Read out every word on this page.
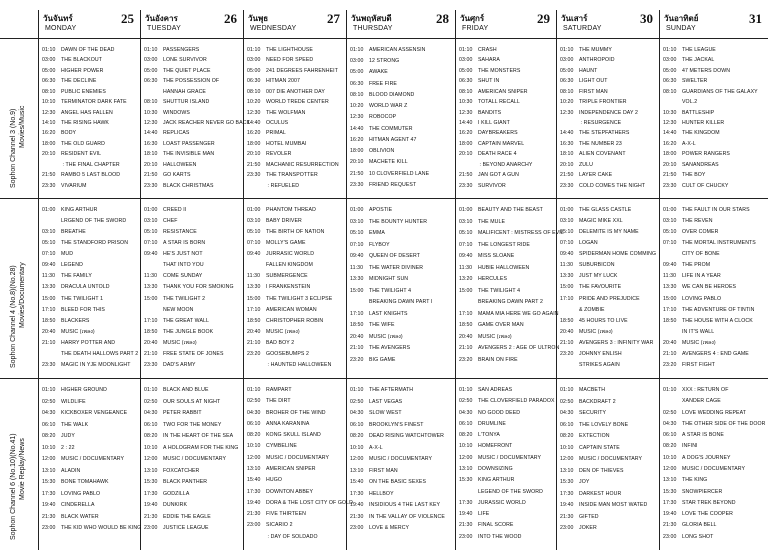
วันจันทร์
MONDAY
25 วันอังคาร
TUESDAY
26 วันพุธ
WEDNESDAY
27 วันพฤหัสบดี
THURSDAY
28 วันศุกร์
FRIDAY
29 วันเสาร์
SATURDAY
30 วันอาทิตย์
SUNDAY
31
Sophon Channel 3 (No.9) Movies/Music
Sophon Channel 4 (No.8)(No.28) Movies/Documentary
Sophon Channel 6 (No.10)(No.41) Movie Replay/News
01:10 DAWN OF THE DEAD
03:00 THE BLACKOUT
05:00 HIGHER POWER
06:30 THE DECLINE
08:10 PUBLIC ENEMIES
10:10 TERMINATOR DARK FATE
12:30 ANGEL HAS FALLEN
14:10 THE RISING HAWK
16:20 BODY
18:00 THE OLD GUARD
20:10 RESIDENT EVIL
: THE FINAL CHAPTER
21:50 RAMBO 5 LAST BLOOD
23:30 VIVARIUM
01:10 PASSENGERS
03:00 LONE SURVIVOR
05:00 THE QUIET PLACE
06:30 THE POSSESSION OF
HANNAH GRACE
08:10 SHUTTUR ISLAND
10:30 WINDOWS
12:30 JACK REACHER NEVER GO BACK
14:40 REPLICAS
16:30 LOAST PASSENGER
18:10 THE INVISIBLE MAN
20:10 HALLOWEEN
21:50 GO KARTS
23:30 BLACK CHRISTMAS
01:10 THE LIGHTHOUSE
03:00 NEED FOR SPEED
05:00 241 DEGREES FAHRENHEIT
06:30 HITMAN 2007
08:10 007 DIE ANOTHER DAY
10:20 WORLD TREDE CENTER
12:30 THE WOLFMAN
14:40 OCULUS
16:20 PRIMAL
18:00 HOTEL MUMBAI
20:10 REVOLER
21:50 MACHANIC RESURRECTION
23:30 THE TRANSPOTTER
: REFUELED
01:10 AMERICAN ASSENSIN
03:00 12 STRONG
05:00 AWAKE
06:30 FREE FIRE
08:10 BLOOD DIAMOND
10:20 WORLD WAR Z
12:30 ROBOCOP
14:40 THE COMMUTER
16:20 HITMAN AGENT 47
18:00 OBLIVION
20:10 MACHETE KILL
21:50 10 CLOVERFIELD LANE
23:30 FRIEND REQUEST
01:10 CRASH
03:00 SAHARA
05:00 THE MONSTERS
06:30 SHUT IN
08:10 AMERICAN SNIPER
10:30 TOTALL RECALL
12:30 BANDITS
14:40 I KILL GIANT
16:20 DAYBREAKERS
18:00 CAPTAIN MARVEL
20:10 DEATH RACE 4
: BEYOND ANARCHY
21:50 JAN GOT A GUN
23:30 SURVIVOR
01:10 THE MUMMY
03:00 ANTHROPOID
05:00 HAUNT
06:30 LIGHT OUT
08:10 FIRST MAN
10:20 TRIPLE FRONTIER
12:30 INDEPENDENCE DAY 2
: RESURGENCE
14:40 THE STEPFATHERS
16:30 THE NUMBER 23
18:10 ALIEN COVENANT
20:10 ZULU
21:50 LAYER CAKE
23:30 COLD COMES THE NIGHT
01:10 THE LEAGUE
03:00 THE JACKAL
05:00 47 METERS DOWN
06:30 SWELTER
08:10 GUARDIANS OF THE GALAXY
VOL.2
10:30 BATTLESHIP
12:30 HUNTER KILLER
14:40 THE KINGDOM
16:20 A-X-L
18:00 POWER RANGERS
20:10 SANANDREAS
21:50 THE BOY
23:30 CULT OF CHUCKY
01:00 KING ARTHUR
LRGEND OF THE SWORD
03:10 BREATHE
05:10 THE STANDFORD PRISON
07:10 MUD
09:40 LEGEND
11:30 THE FAMILY
13:30 DRACULA UNTOLD
15:00 THE TWILIGHT 1
17:10 BLEED FOR THIS
18:50 BLACKERS
20:40 MUSIC (เพลง)
21:10 HARRY POTTER AND
THE DEATH HALLOWS PART 2
23:30 MAGIC IN YJE MOONLIGHT
01:00 CREED II
03:10 CHEF
05:10 RESISTANCE
07:10 A STAR IS BORN
09:40 HE'S JUST NOT
THAT INTO YOU
11:30 COME SUNDAY
13:30 THANK YOU FOR SMOKING
15:00 THE TWILIGHT 2
NEW MOON
17:10 THE GREAT WALL
18:50 THE JUNGLE BOOK
20:40 MUSIC (เพลง)
21:10 FREE STATE OF JONES
23:30 DAD'S ARMY
01:00 PHANTOM THREAD
03:10 BABY DRIVER
05:10 THE BIRTH OF NATION
07:10 MOLLY'S GAME
09:40 JURRASIC WORLD
FALLEN KINGDOM
11:30 SUBMERGENCE
13:30 I FRANKENSTEIN
15:00 THE TWILIGHT 3 ECLIPSE
17:10 AMERICAN WOMAN
18:50 CHRISTOPHER ROBIN
20:40 MUSIC (เพลง)
21:10 BAD BOY 2
23:20 GOOSEBUMPS 2
: HAUNTED HALLOWEEN
01:00 APOSTIE
03:10 THE BOUNTY HUNTER
05:10 EMMA
07:10 FLYBOY
09:40 QUEEN OF DESERT
11:30 THE WATER DIVINER
13:30 MIDNIGHT SUN
15:00 THE TWILIGHT 4
BREAKING DAWN PART I
17:10 LAST KNIGHTS
18:50 THE WIFE
20:40 MUSIC (เพลง)
21:10 THE AVENGERS
23:20 BIG GAME
01:00 BEAUTY AND THE BEAST
03:10 THE MULE
05:10 MALIFICENT : MISTRESS OF EVIL
07:10 THE LONGEST RIDE
09:40 MISS SLOANE
11:30 HUBIE HALLOWEEN
13:20 HERCULES
15:00 THE TWILIGHT 4
BREAKING DAWN PART 2
17:10 MAMA MIA HERE WE GO AGAIN
18:50 GAME OVER MAN
20:40 MUSIC (เพลง)
21:10 AVENGERS 2 : AGE OF ULTRON
23:20 BRAIN ON FIRE
01:00 THE GLASS CASTLE
03:10 MAGIC MIKE XXL
05:10 DELEMITE IS MY NAME
07:10 LOGAN
09:40 SPIDERMAN HOME COMMING
11:30 SUBURBICON
13:30 JUST MY LUCK
15:00 THE FAVOURITE
17:10 PRIDE AND PREJUDICE
& ZOMBIE
18:50 45 HOURS TO LIVE
20:40 MUSIC (เพลง)
21:10 AVENGERS 3 : INFINITY WAR
23:20 JOHNNY ENLISH
STRIKES AGAIN
01:00 THE FAULT IN OUR STARS
03:10 THE REVEN
05:10 OVER COMER
07:10 THE MORTAL INSTRUMENTS
CITY OF BONE
09:40 THE PROM
11:30 LIFE IN A YEAR
13:30 WE CAN BE HEROES
15:00 LOVING PABLO
17:10 THE ADVENTURE OF TINTIN
18:50 THE HOUSE WITH A CLOCK
IN IT'S WALL
20:40 MUSIC (เพลง)
21:10 AVENGERS 4 : END GAME
23:20 FIRST FIGHT
01:10 HIGHER GROUND
02:50 WILDLIFE
04:30 KICKBOXER VENGEANCE
06:10 THE WALK
08:20 JUDY
10:10 2 : 22
12:00 MUSIC / DOCUMENTARY
13:10 ALADIN
15:30 BONE TOMAHAWK
17:30 LOVING PABLO
19:40 CINDERELLA
21:30 BLACK WATER
23:00 THE KID WHO WOULD BE KING
01:10 BLACK AND BLUE
02:50 OUR SOULS AT NIGHT
04:30 PETER RABBIT
06:10 TWO FOR THE MONEY
08:20 IN THE HEART OF THE SEA
10:10 A HOLOGRAM FOR THE KING
12:00 MUSIC / DOCUMENTARY
13:10 FOXCATCHER
15:30 BLACK PANTHER
17:30 GODZILLA
19:40 DUNKIRK
21:30 EDDIE THE EAGLE
23:00 JUSTICE LEAGUE
01:10 RAMPART
02:50 THE DIRT
04:30 BROHER OF THE WIND
06:10 ANNA KARANINA
08:20 KONG SKULL ISLAND
10:10 CYMBELINE
12:00 MUSIC / DOCUMENTARY
13:10 AMERICAN SNIPER
15:40 HUGO
17:30 DOWNTON ABBEY
19:40 DORA & THE LOST CITY OF GOLD
21:30 FIVE THIRTEEN
23:00 SICARIO 2
: DAY OF SOLDADO
01:10 THE AFTERMATH
02:50 LAST VEGAS
04:30 SLOW WEST
06:10 BROOKLYN'S FINEST
08:20 DEAD RISING WATCHTOWER
10:10 A-X-L
12:00 MUSIC / DOCUMENTARY
13:10 FIRST MAN
15:40 ON THE BASIC SEXES
17:30 HELLBOY
19:40 INSIDIOUS 4 THE LAST KEY
21:30 IN THE VALLAY OF VIOLENCE
23:00 LOVE & MERCY
01:10 SAN ADREAS
02:50 THE CLOVERFIELD PARADOX
04:30 NO GOOD DEED
06:10 DRUMLINE
08:20 L'TONYA
10:10 HOMEFRONT
12:00 MUSIC / DOCUMENTARY
13:10 DOWNSIZING
15:30 KING ARTHUR
LEGEND OF THE SWORD
17:30 JURASSIC WORLD
19:40 LIFE
21:30 FINAL SCORE
23:00 INTO THE WOOD
01:10 MACBETH
02:50 BACKDRAFT 2
04:30 SECURITY
06:10 THE LOVELY BONE
08:20 EXTECTION
10:10 CAPTAIN STATE
12:00 MUSIC / DOCUMENTARY
13:10 DEN OF THIEVES
15:30 JOY
17:30 DARKEST HOUR
19:40 INSIDE MAN MOST WATED
21:30 GIFTED
23:00 JOKER
01:10 XXX : RETURN OF
XANDER CAGE
02:50 LOVE WEDDING REPEAT
04:30 THE OTHER SIDE OF THE DOOR
06:10 A STAR IS BONE
08:20 INFINI
10:10 A DOG'S JOURNEY
12:00 MUSIC / DOCUMENTARY
13:10 THE KING
15:30 SNOWPIERCER
17:30 STAR TREK BEYOND
19:40 LOVE THE COOPER
21:30 GLORIA BELL
23:00 LONG SHOT
